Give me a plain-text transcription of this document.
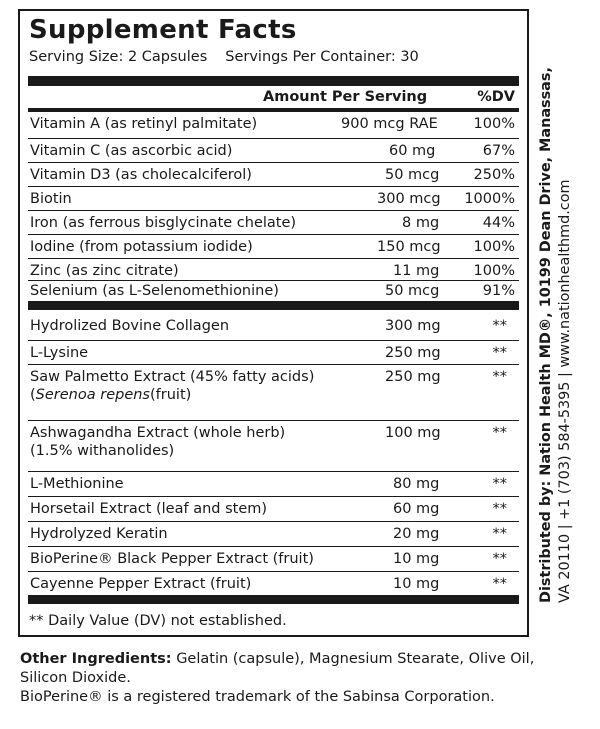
Supplement Facts
Serving Size: 2 Capsules Servings Per Container: 30
Amount Per Serving	%DV
Vitamin A (as retinyl palmitate)	900 mcg RAE 100%
Vitamin C (as ascorbic acid)	60 mg	67%
Vitamin D3 (as cholecalciferol)	50 mcg 250%
Biotin	300 mcg 1000%
Iron (as ferrous bisglycinate chelate)	8 mg	44%
Iodine (from potassium iodide)	150 mcg 100%
Zinc (as zinc citrate)	11 mg 100%
Selenium (as L-Selenomethionine)	50 mcg	91%
Hydrolized Bovine Collagen	300 mg	**
L-Lysine	250 mg	**
Saw Palmetto Extract (45% fatty acids)
(Serenoa repens(fruit)
250 mg	**
Ashwagandha Extract (whole herb)
(1.5% withanolides)
100 mg	**
L-Methionine	80 mg	**
Horsetail Extract (leaf and stem)	60 mg	**
Hydrolyzed Keratin	20 mg	**
BioPerine® Black Pepper Extract (fruit)	10 mg	**
Cayenne Pepper Extract (fruit)	10 mg	**
** Daily Value (DV) not established.
Distributed by: Nation Health MD®, 10199 Dean Drive, Manassas, VA 20110 | +1 (703) 584-5395 | www.nationhealthmd.com
Other Ingredients: Gelatin (capsule), Magnesium Stearate, Olive Oil, Silicon Dioxide.
BioPerine® is a registered trademark of the Sabinsa Corporation.
